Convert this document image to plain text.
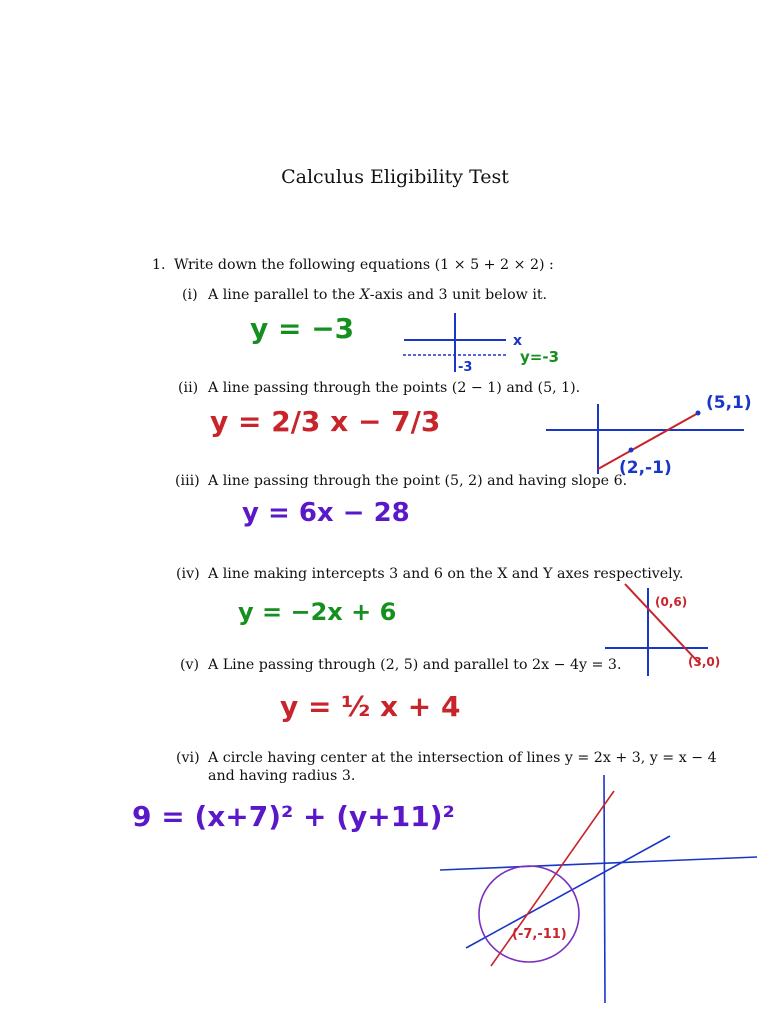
Calculus Eligibility Test
1. Write down the following equations (1 × 5 + 2 × 2) :
(i) A line parallel to the X-axis and 3 unit below it.
(ii) A line passing through the points (2 − 1) and (5, 1).
(iii) A line passing through the point (5, 2) and having slope 6.
(iv) A line making intercepts 3 and 6 on the X and Y axes respectively.
(v) A Line passing through (2, 5) and parallel to 2x − 4y = 3.
(vi) A circle having center at the intersection of lines y = 2x + 3, y = x − 4
and having radius 3.
y = −3
y = 2/3 x − 7/3
y = 6x − 28
y = −2x + 6
y = ½ x + 4
9 = (x+7)² + (y+11)²
x
-3
y=-3
(5,1)
(2,-1)
(0,6)
(3,0)
(-7,-11)
